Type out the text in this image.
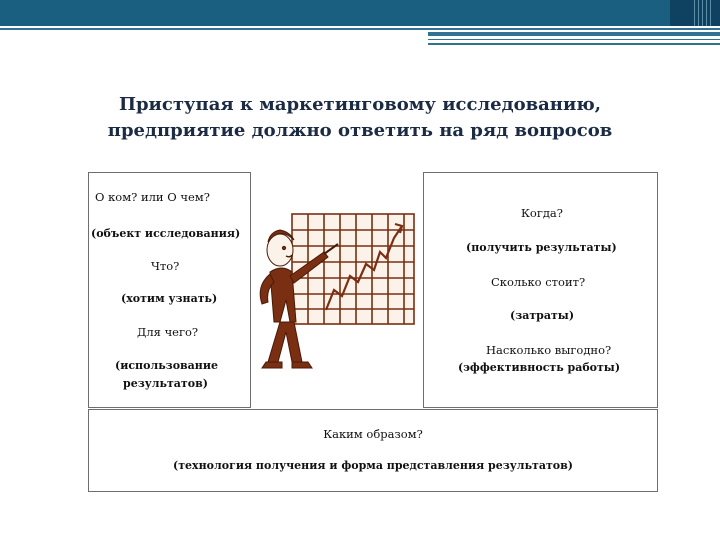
Приступая к маркетинговому исследованию,
предприятие должно ответить на ряд вопросов
О ком? или О чем?
(объект исследования)
Что?
(хотим узнать)
Для чего?
(использование
результатов)
Когда?
(получить результаты)
Сколько стоит?
(затраты)
Насколько выгодно?
(эффективность работы)
Каким образом?
(технология получения и форма представления результатов)
